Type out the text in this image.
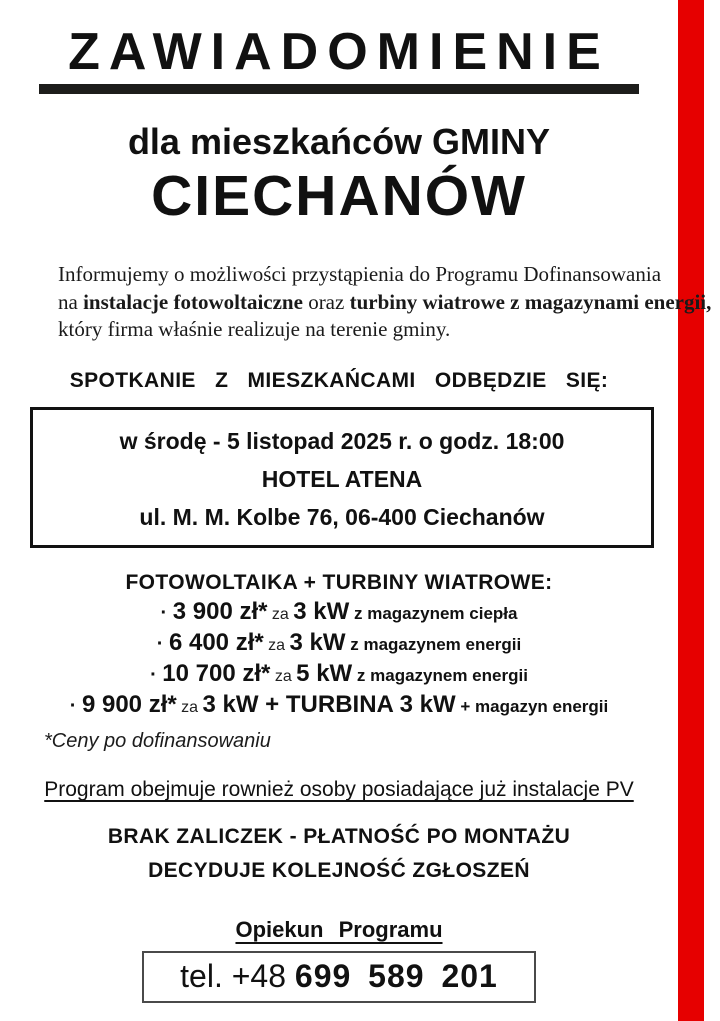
ZAWIADOMIENIE
dla mieszkańców GMINY
CIECHANÓW
Informujemy o możliwości przystąpienia do Programu Dofinansowania
na instalacje fotowoltaiczne oraz turbiny wiatrowe z magazynami energii,
który firma właśnie realizuje na terenie gminy.
SPOTKANIE Z MIESZKAŃCAMI ODBĘDZIE SIĘ:
w środę - 5 listopad 2025 r. o godz. 18:00
HOTEL ATENA
ul. M. M. Kolbe 76, 06-400 Ciechanów
FOTOWOLTAIKA + TURBINY WIATROWE:
· 3 900 zł* za 3 kW z magazynem ciepła
· 6 400 zł* za 3 kW z magazynem energii
· 10 700 zł* za 5 kW z magazynem energii
· 9 900 zł* za 3 kW + TURBINA 3 kW + magazyn energii
*Ceny po dofinansowaniu
Program obejmuje rownież osoby posiadające już instalacje PV
BRAK ZALICZEK - PŁATNOŚĆ PO MONTAŻU
DECYDUJE KOLEJNOŚĆ ZGŁOSZEŃ
Opiekun Programu
tel. +48 699 589 201
